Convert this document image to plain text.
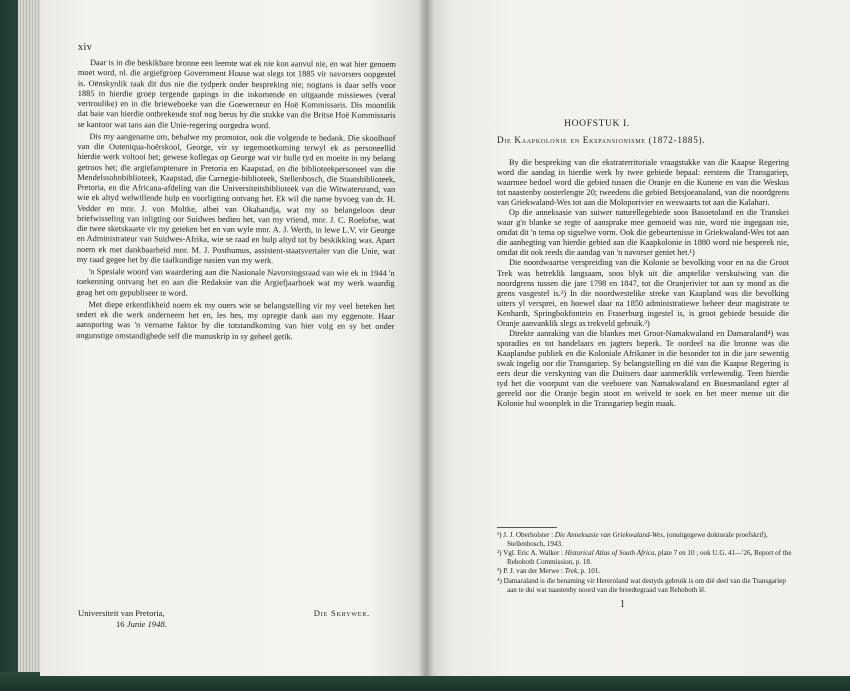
xiv

Daar is in die beskikbare bronne een leemte wat ek nie kon aanvul nie, en wat hier genoem moet word, nl. die argiefgroep Government House wat slegs tot 1885 vir navorsers oopgestel is. Oënskynlik raak dit dus nie die tydperk onder bespreking nie; nogtans is daar selfs voor 1885 in hierdie groep tergende gapings in die inkomende en uitgaande missiewes (veral vertroulike) en in die brieweboeke van die Goewerneur en Hoë Kommissaris. Dis moontlik dat baie van hierdie ontbrekende stof nog berus by die stukke van die Britse Hoë Kommissaris se kantoor wat tans aan die Unie-regering oorgedra word.

Dis my aangename om, behalwe my promotor, ook die volgende te bedank. Die skoolhoof van die Outeniqua-hoërskool, George, vir sy tegemoetkoming terwyl ek as personeellid hierdie werk voltooi het; gewese kollegas op George wat vir hulle tyd en moeite in my belang getroos het; die argiefamptenare in Pretoria en Kaapstad, en die biblioteekpersoneel van die Mendelssohnbiblioteek, Kaapstad, die Carnegie-biblioteek, Stellenbosch, die Staatsbiblioteek, Pretoria, en die Africana-afdeling van die Universiteitsbiblioteek van die Witwatersrand, van wie ek altyd welwillende hulp en voorligting ontvang het. Ek wil die name byvoeg van dr. H. Vedder en mnr. J. von Moltke, albei van Okahandja, wat my so belangeloos deur briefwisseling van inligting oor Suidwes bedien het, van my vriend, mnr. J. C. Roelofse, wat die twee sketskaarte vir my geteken het en van wyle mnr. A. J. Werth, in lewe L.V. vir George en Administrateur van Suidwes-Afrika, wie se raad en hulp altyd tot by beskikking was. Apart noem ek met dankbaarheid mnr. M. J. Posthumus, assistent-staatsvertaler van die Unie, wat my raad gegee het by die taalkundige nasien van my werk.

'n Spesiale woord van waardering aan die Nasionale Navorsingsraad van wie ek in 1944 'n toekenning ontvang het en aan die Redaksie van die Argiefjaarboek wat my werk waardig geag het om gepubliseer te word.

Met diepe erkentlikheid noem ek my ouers wie se belangstelling vir my veel beteken het sedert ek die werk onderneem het en, les bes, my opregte dank aan my eggenote. Haar aansporing was 'n vername faktor by die totstandkoming van hier volg en sy het onder ongunstige omstandighede self die manuskrip in sy geheel getik.

Universiteit van Pretoria,
16 Junie 1948.
Die Skrywer.
HOOFSTUK I.
Die Kaapkolonie en Ekspansionisme (1872-1885).

By die bespreking van die ekstraterritoriale vraagstukke van die Kaapse Regering word die aandag in hierdie werk by twee gebiede bepaal: eerstens die Transgariep, waarmee bedoel word die gebied tussen die Oranje en die Kunene en van die Weskus tot naastenby oosterlengte 20; tweedens die gebied Betsjoeanaland, van die noordgrens van Griekwaland-Wes tot aan die Moloporivier en weswaarts tot aan die Kalahari.

Op die anneksasie van suiwer naturellegebiede soos Basoetoland en die Transkei waar g'n blanke se regte of aansprake mee gemoeid was nie, word nie ingegaan nie, omdat dit 'n tema op sigselwe vorm. Ook die gebeurtenisse in Griekwaland-Wes tot aan die aanhegting van hierdie gebied aan die Kaapkolonie in 1880 word nie bespreek nie, omdat dit ook reeds die aandag van 'n navorser geniet het.¹)

Die noordwaartse verspreiding van die Kolonie se bevolking voor en na die Groot Trek was betreklik langsaam, soos blyk uit die amptelike verskuiwing van die noordgrens tussen die jare 1798 en 1847, tot die Oranjerivier tot aan sy mond as die grens vasgestel is.²) In die noordwestelike streke van Kaapland was die bevolking uiters yl versprei, en hoewel daar na 1850 administratiewe beheer deur magistrate te Kenhardt, Springbokfontein en Fraserburg ingestel is, is groot gebiede besuide die Oranje aanvanklik slegs as trekveld gebruik.³)

Direkte aanraking van die blankes met Groot-Namakwaland en Damaraland⁴) was sporadies en tot handelaars en jagters beperk. Te oordeel na die bronne was die Kaaplandse publiek en die Koloniale Afrikaner in die besonder tot in die jare sewentig swak ingelig oor die Transgariep. Sy belangstelling en dié van die Kaapse Regering is eers deur die verskyning van die Duitsers daar aanmerklik verlewendig. Teen hierdie tyd het die voorpunt van die veeboere van Namakwaland en Boesmanland egter al gereeld oor die Oranje begin stoot en weiveld te soek en het meer mense uit die Kolonie hul woonplek in die Transgariep begin maak.

¹) J. J. Oberholster : Die Anneksasie van Griekwaland-Wes, (onuitgegewe doktorale proefskrif), Stellenbosch, 1943.
²) Vgl. Eric A. Walker : Historical Atlas of South Africa, plate 7 en 10 ; ook U.G. 41—'26, Report of the Rehoboth Commission, p. 18.
³) P. J. van der Merwe : Trek, p. 101.
⁴) Damaraland is die benaming vir Hereroland wat destyds gebruik is om dié deel van die Transgariep aan te dui wat naastenby noord van die breedtegraad van Rehoboth lê.
1
